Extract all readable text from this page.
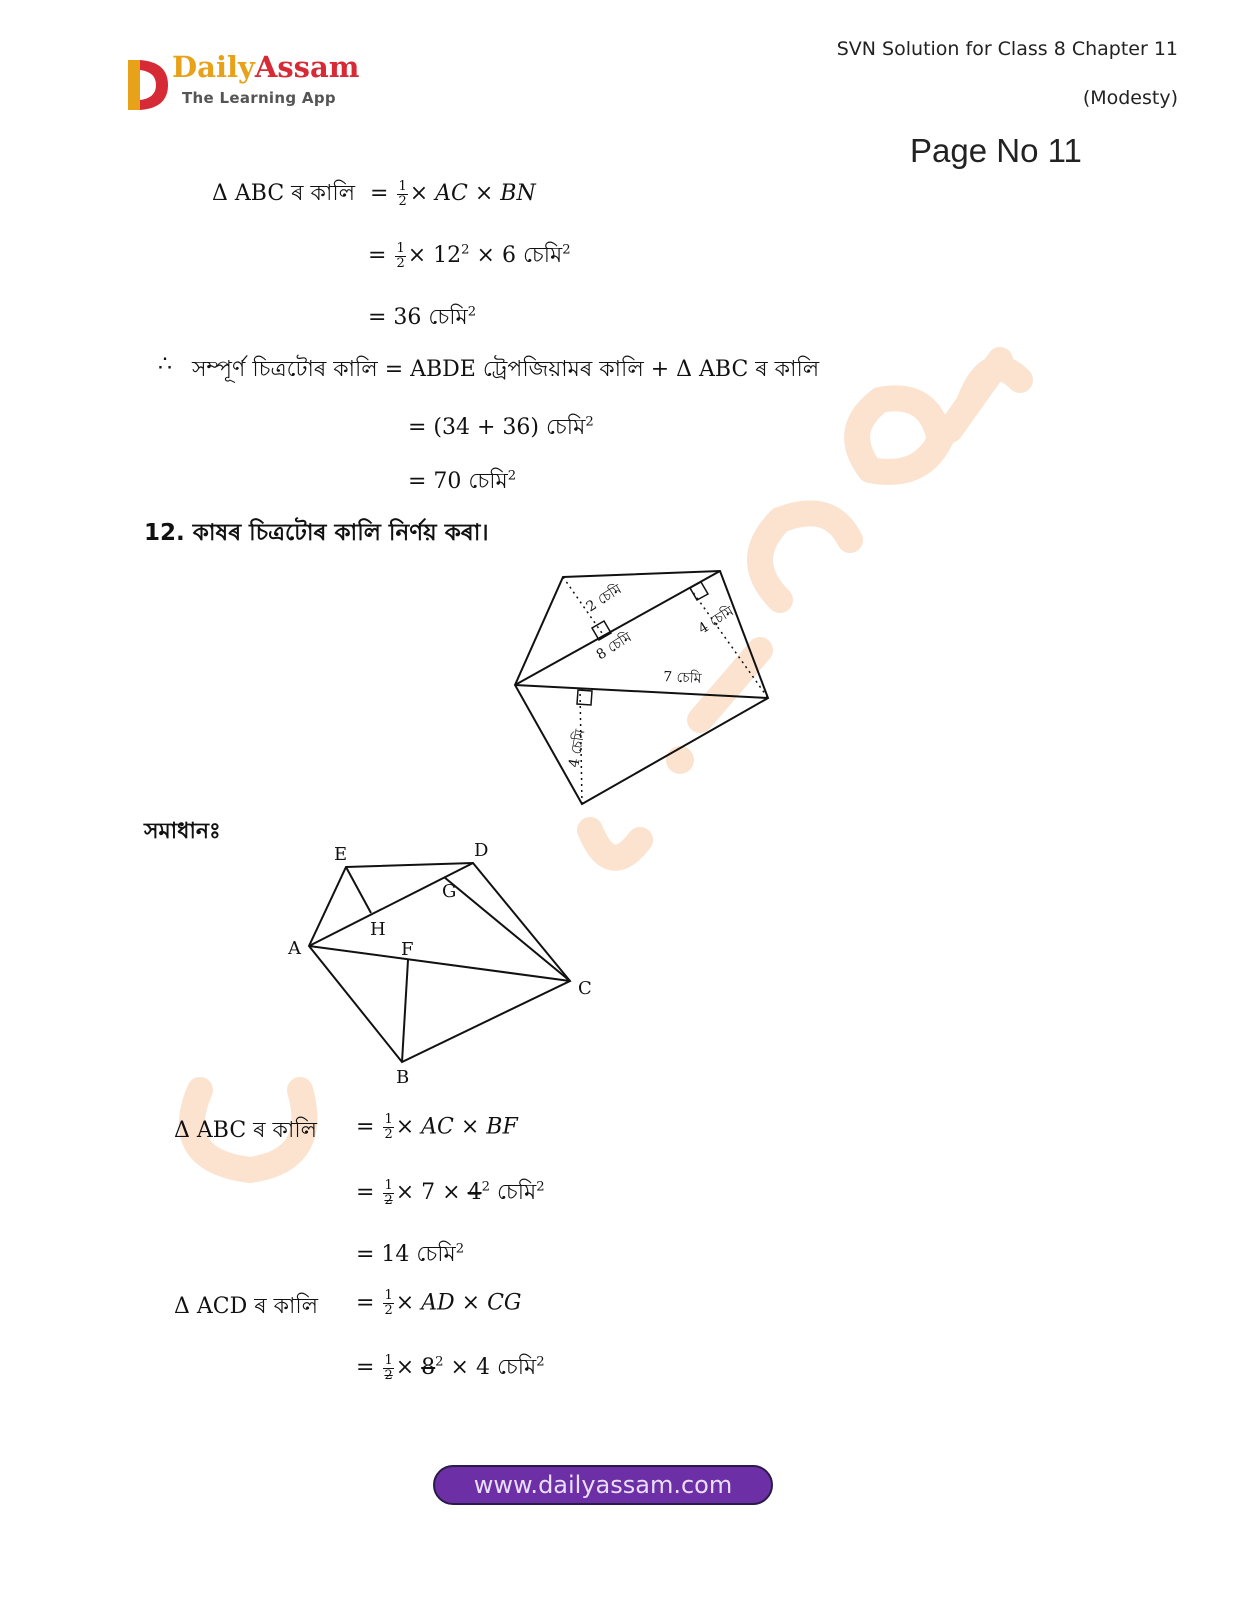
DailyAssam
The Learning App
SVN Solution for Class 8 Chapter 11
(Modesty)
Page No 11
Δ ABC ৰ কালি = $\frac{1}{2}$ × AC × BN
= $\frac{1}{2} \times 12^2 \times 6$ চেমি$^2$
= 36 চেমি$^2$
∴ সম্পূৰ্ণ চিত্ৰটোৰ কালি = ABDE ট্ৰেপজিয়ামৰ কালি + Δ ABC ৰ কালি
= (34 + 36) চেমি$^2$
= 70 চেমি$^2$
12. কাষৰ চিত্ৰটোৰ কালি নিৰ্ণয় কৰা।
2 চেমি
8 চেমি
4 চেমি
7 চেমি
4 চেমি
সমাধানঃ
E	D
G
H
A	F
C
B
Δ ABC ৰ কালি = $\frac{1}{2}$ × AC × BF
= $\frac{1}{2} \times 7 \times 4^2$ চেমি$^2$
= 14 চেমি$^2$
Δ ACD ৰ কালি = $\frac{1}{2}$ × AD × CG
= $\frac{1}{2} \times 8^2 \times 4$ চেমি$^2$
www.dailyassam.com
